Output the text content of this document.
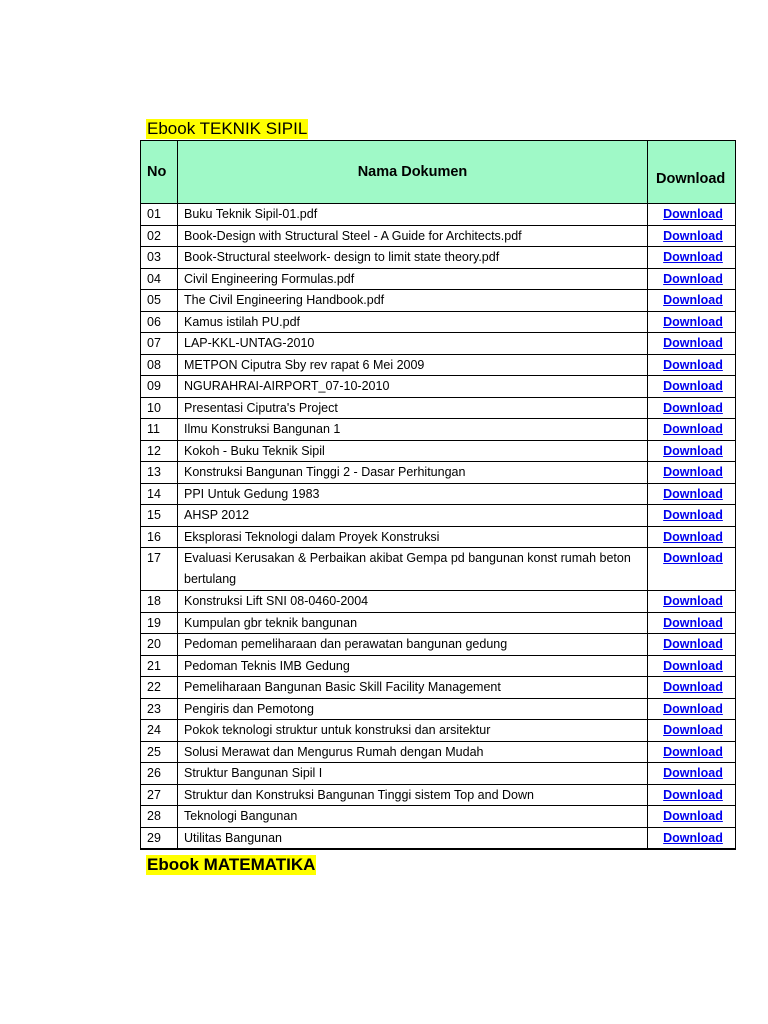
Ebook TEKNIK SIPIL
No	Nama Dokumen	Download
01	Buku Teknik Sipil-01.pdf	Download
02	Book-Design with Structural Steel - A Guide for Architects.pdf	Download
03	Book-Structural steelwork- design to limit state theory.pdf	Download
04	Civil Engineering Formulas.pdf	Download
05	The Civil Engineering Handbook.pdf	Download
06	Kamus istilah PU.pdf	Download
07	LAP-KKL-UNTAG-2010	Download
08	METPON Ciputra Sby rev rapat 6 Mei 2009	Download
09	NGURAHRAI-AIRPORT_07-10-2010	Download
10	Presentasi Ciputra's Project	Download
11	Ilmu Konstruksi Bangunan 1	Download
12	Kokoh - Buku Teknik Sipil	Download
13	Konstruksi Bangunan Tinggi 2 - Dasar Perhitungan	Download
14	PPI Untuk Gedung 1983	Download
15	AHSP 2012	Download
16	Eksplorasi Teknologi dalam Proyek Konstruksi	Download
17	Evaluasi Kerusakan & Perbaikan akibat Gempa pd bangunan konst rumah beton bertulang	Download
18	Konstruksi Lift SNI 08-0460-2004	Download
19	Kumpulan gbr teknik bangunan	Download
20	Pedoman pemeliharaan dan perawatan bangunan gedung	Download
21	Pedoman Teknis IMB Gedung	Download
22	Pemeliharaan Bangunan Basic Skill Facility Management	Download
23	Pengiris dan Pemotong	Download
24	Pokok teknologi struktur untuk konstruksi dan arsitektur	Download
25	Solusi Merawat dan Mengurus Rumah dengan Mudah	Download
26	Struktur Bangunan Sipil I	Download
27	Struktur dan Konstruksi Bangunan Tinggi sistem Top and Down	Download
28	Teknologi Bangunan	Download
29	Utilitas Bangunan	Download
Ebook MATEMATIKA
